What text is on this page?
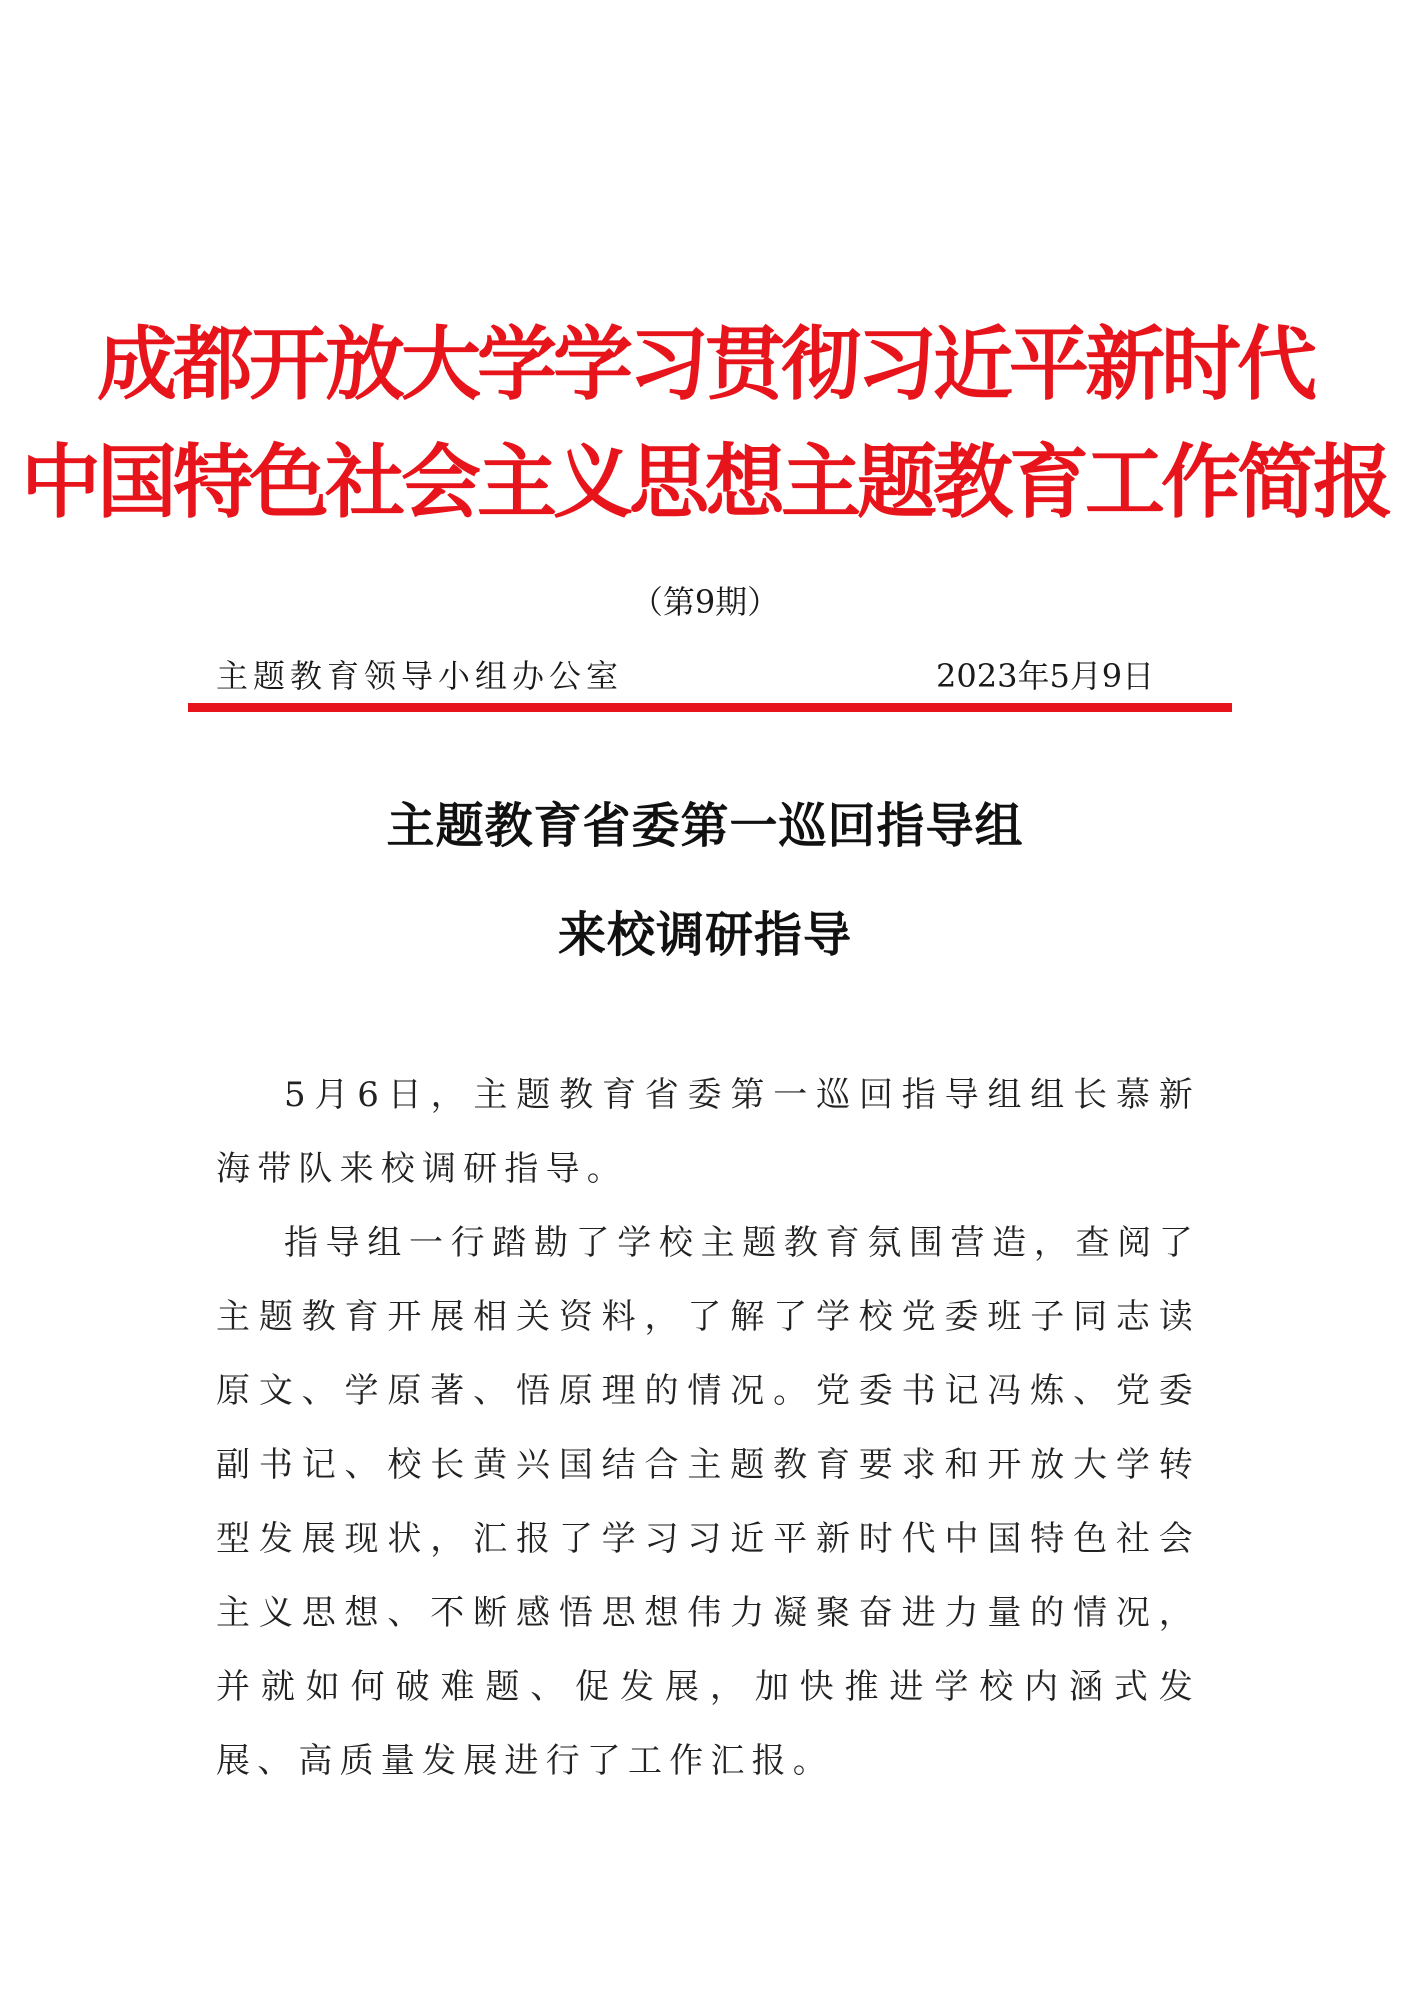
成都开放大学学习贯彻习近平新时代
中国特色社会主义思想主题教育工作简报
（第9期）
主题教育领导小组办公室	2023年5月9日
主题教育省委第一巡回指导组
来校调研指导

5月6日，主题教育省委第一巡回指导组组长慕新海带队来校调研指导。

指导组一行踏勘了学校主题教育氛围营造，查阅了主题教育开展相关资料，了解了学校党委班子同志读原文、学原著、悟原理的情况。党委书记冯炼、党委副书记、校长黄兴国结合主题教育要求和开放大学转型发展现状，汇报了学习习近平新时代中国特色社会主义思想、不断感悟思想伟力凝聚奋进力量的情况，并就如何破难题、促发展，加快推进学校内涵式发展、高质量发展进行了工作汇报。
